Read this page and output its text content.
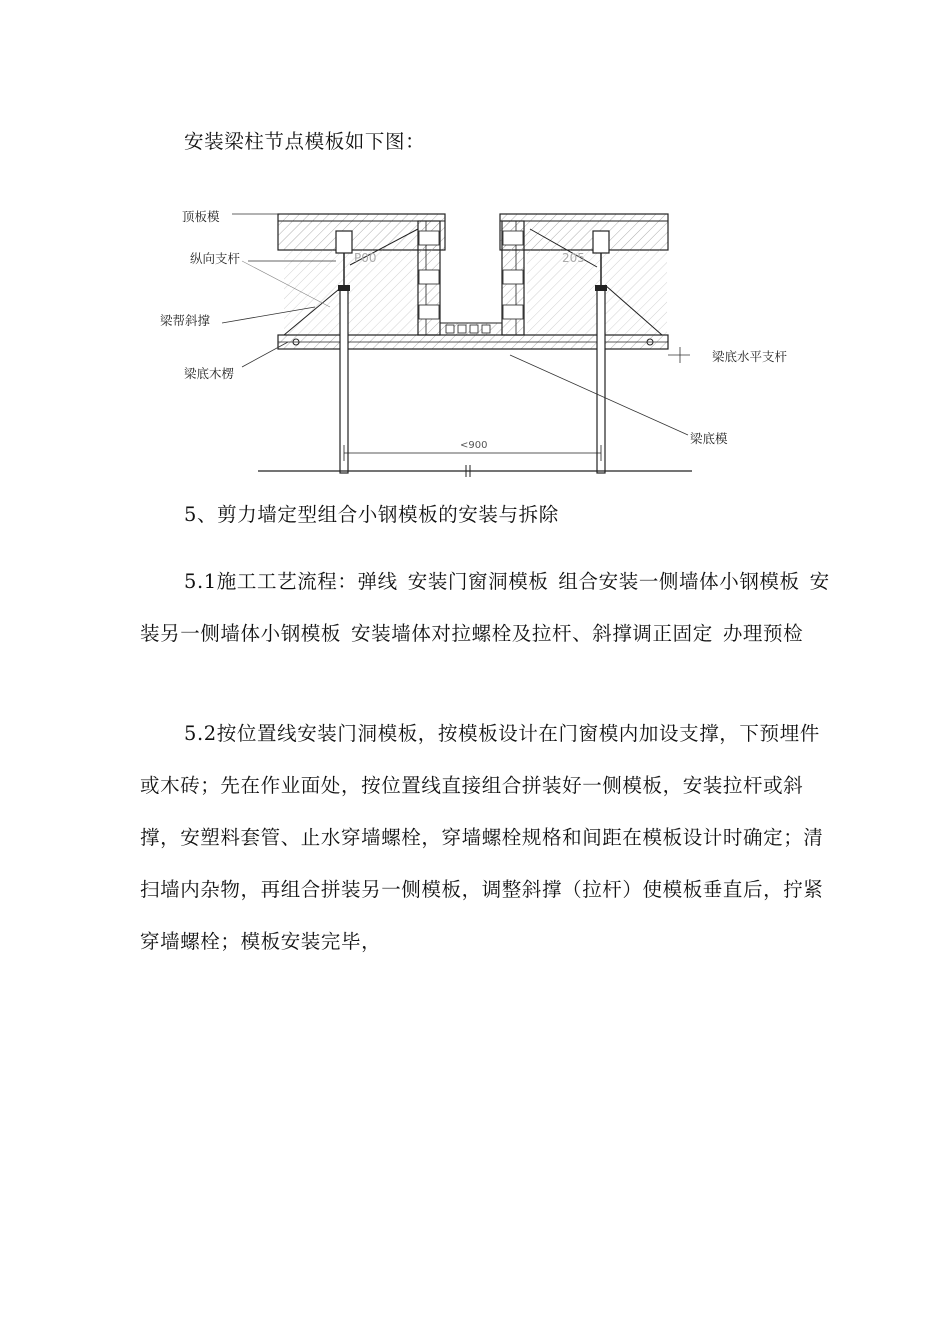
安装梁柱节点模板如下图：

P00	205
<900
顶板模
纵向支杆
梁帮斜撑
梁底木楞
梁底水平支杆
梁底模

5、剪力墙定型组合小钢模板的安装与拆除

5.1施工工艺流程：弹线 安装门窗洞模板 组合安装一侧墙体小钢模板 安装另一侧墙体小钢模板 安装墙体对拉螺栓及拉杆、斜撑调正固定 办理预检

5.2按位置线安装门洞模板，按模板设计在门窗模内加设支撑，下预埋件或木砖；先在作业面处，按位置线直接组合拼装好一侧模板，安装拉杆或斜撑，安塑料套管、止水穿墙螺栓，穿墙螺栓规格和间距在模板设计时确定；清扫墙内杂物，再组合拼装另一侧模板，调整斜撑（拉杆）使模板垂直后，拧紧穿墙螺栓；模板安装完毕，
